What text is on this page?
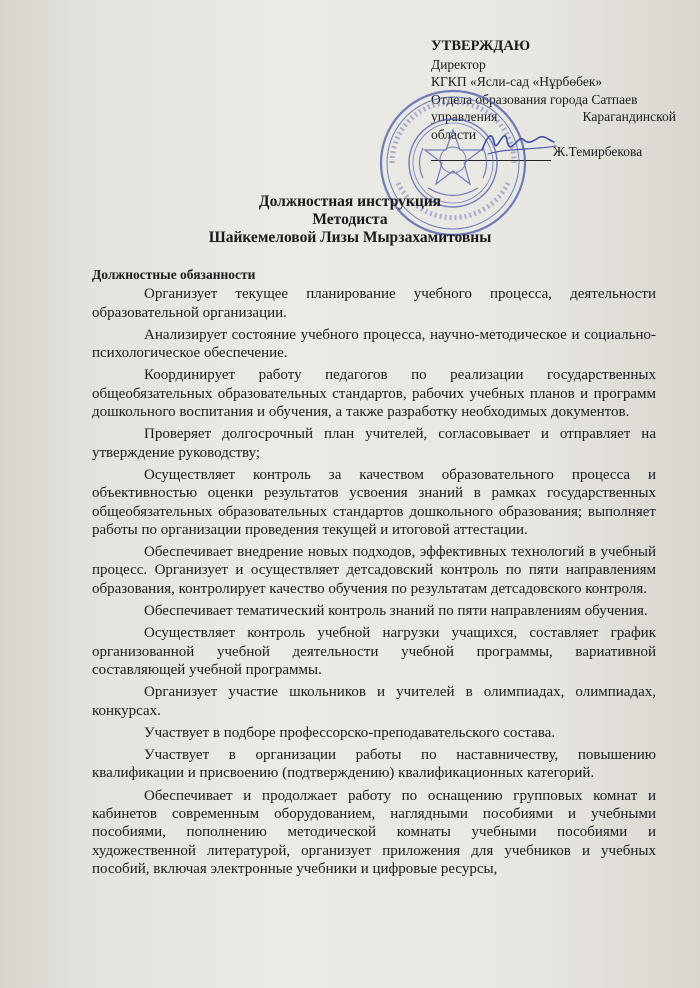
УТВЕРЖДАЮ
Директор
КГКП «Ясли-сад «Нұрбөбек»
Отдела образования города Сатпаев
управления	Карагандинской
области
Ж.Темирбекова
Должностная инструкция
Методиста
Шайкемеловой Лизы Мырзахамитовны
Должностные обязанности

Организует текущее планирование учебного процесса, деятельности образовательной организации.

Анализирует состояние учебного процесса, научно-методическое и социально-психологическое обеспечение.

Координирует работу педагогов по реализации государственных общеобязательных образовательных стандартов, рабочих учебных планов и программ дошкольного воспитания и обучения, а также разработку необходимых документов.

Проверяет долгосрочный план учителей, согласовывает и отправляет на утверждение руководству;

Осуществляет контроль за качеством образовательного процесса и объективностью оценки результатов усвоения знаний в рамках государственных общеобязательных образовательных стандартов дошкольного образования; выполняет работы по организации проведения текущей и итоговой аттестации.

Обеспечивает внедрение новых подходов, эффективных технологий в учебный процесс. Организует и осуществляет детсадовский контроль по пяти направлениям образования, контролирует качество обучения по результатам детсадовского контроля.

Обеспечивает тематический контроль знаний по пяти направлениям обучения.

Осуществляет контроль учебной нагрузки учащихся, составляет график организованной учебной деятельности учебной программы, вариативной составляющей учебной программы.

Организует участие школьников и учителей в олимпиадах, олимпиадах, конкурсах.

Участвует в подборе профессорско-преподавательского состава.

Участвует в организации работы по наставничеству, повышению квалификации и присвоению (подтверждению) квалификационных категорий.

Обеспечивает и продолжает работу по оснащению групповых комнат и кабинетов современным оборудованием, наглядными пособиями и учебными пособиями, пополнению методической комнаты учебными пособиями и художественной литературой, организует приложения для учебников и учебных пособий, включая электронные учебники и цифровые ресурсы,
